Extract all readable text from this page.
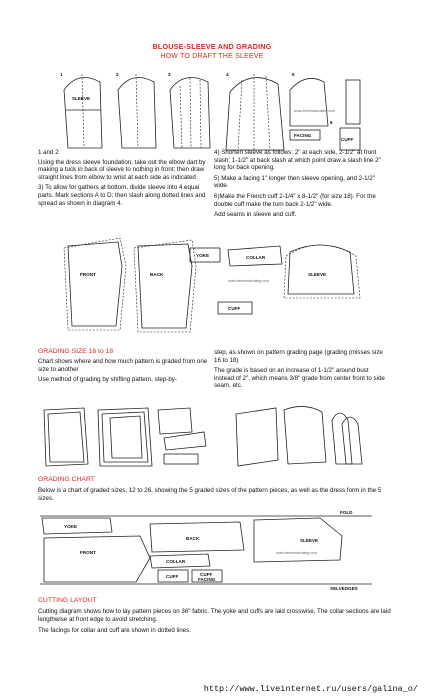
BLOUSE-SLEEVE AND GRADING
HOW TO DRAFT THE SLEEVE
1	2	3	4	5
6
SLEEVE
www.freehandcutting.com
FACING
CUFF
1 and 2
Using the dress sleeve foundation, take out the elbow dart by making a tuck in back of sleeve to nothing in front; then draw straight lines from elbow to wrist at each side as indicated
3) To allow for gathers at bottom, divide sleeve into 4 equal parts. Mark sections A to D; then slash along dotted lines and spread as shown in diagram 4.
4) Shorten sleeve as follows: 2" at each side, 2-1/2" at front slash; 1-1/2" at back slash at which point draw a slash line 2" long for back opening.
5) Make a facing 1" longer then sleeve opening, and 2-1/2" wide.
6)Make the French cuff 2-1/4" x 8-1/2" (for size 18). For the double cuff make the turn back 2-1/2" wide.
Add seams in sleeve and cuff.
FRONT	BACK
YOKE	COLLAR
www.freehandcutting.com
CUFF
SLEEVE
GRADING SIZE 16 to 18
Chart shows where and how much pattern is graded from one size to another
Use method of grading by shifting pattern, step-by-
step, as shown on pattern grading page (grading (misses size 16 to 18)
The grade is based on an increase of 1-1/2" around bust instead of 2", which means 3/8" grade from center front to side seam, etc.
GRADING CHART
Below is a chart of graded sizes, 12 to 26, showing the 5 graded sizes of the pattern pieces, as well as the dress form in the 5 sizes.
FOLD
YOKE
FRONT
BACK
COLLAR
SLEEVE
www.freehandcutting.com
CUFF	CUFF
FACING
SELVEDGES
CUTTING LAYOUT
Cutting diagram shows how to lay pattern pieces on 36" fabric. The yoke and cuffs are laid crosswise. The collar sections are laid lengthwise at front edge to avoid stretching.
The facings for collar and cuff are shown in dotted lines.
http://www.liveinternet.ru/users/galina_o/
